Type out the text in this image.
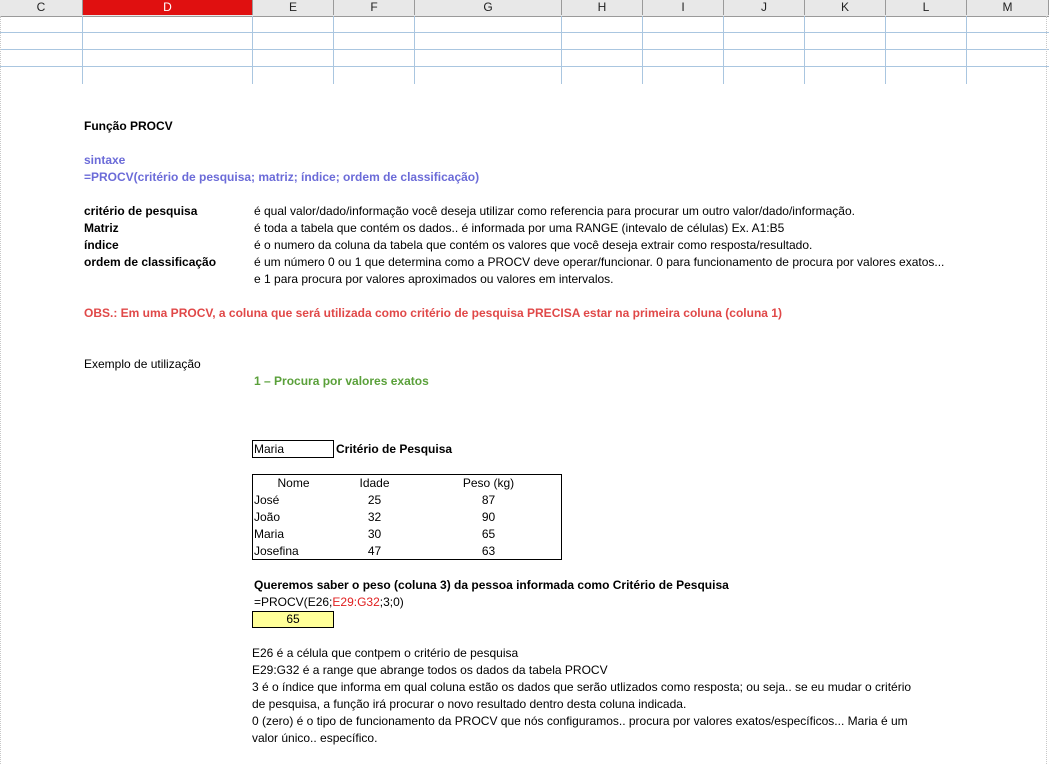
C	D	E	F	G	H	I	J	K	L	M
Função PROCV
sintaxe
=PROCV(critério de pesquisa; matriz; índice; ordem de classificação)
critério de pesquisa	é qual valor/dado/informação você deseja utilizar como referencia para procurar um outro valor/dado/informação.
Matriz	é toda a tabela que contém os dados.. é informada por uma RANGE (intevalo de células) Ex. A1:B5
índice	é o numero da coluna da tabela que contém os valores que você deseja extrair como resposta/resultado.
ordem de classificação	é um número 0 ou 1 que determina como a PROCV deve operar/funcionar. 0 para funcionamento de procura por valores exatos...
e 1 para procura por valores aproximados ou valores em intervalos.
OBS.: Em uma PROCV, a coluna que será utilizada como critério de pesquisa PRECISA estar na primeira coluna (coluna 1)
Exemplo de utilização
1 – Procura por valores exatos
Maria	Critério de Pesquisa
Nome	Idade	Peso (kg)
José	25	87
João	32	90
Maria	30	65
Josefina	47	63
Queremos saber o peso (coluna 3) da pessoa informada como Critério de Pesquisa
=PROCV(E26;E29:G32;3;0)
65
E26 é a célula que contpem o critério de pesquisa
E29:G32 é a range que abrange todos os dados da tabela PROCV
3 é o índice que informa em qual coluna estão os dados que serão utlizados como resposta; ou seja.. se eu mudar o critério
de pesquisa, a função irá procurar o novo resultado dentro desta coluna indicada.
0 (zero) é o tipo de funcionamento da PROCV que nós configuramos.. procura por valores exatos/específicos... Maria é um
valor único.. específico.
